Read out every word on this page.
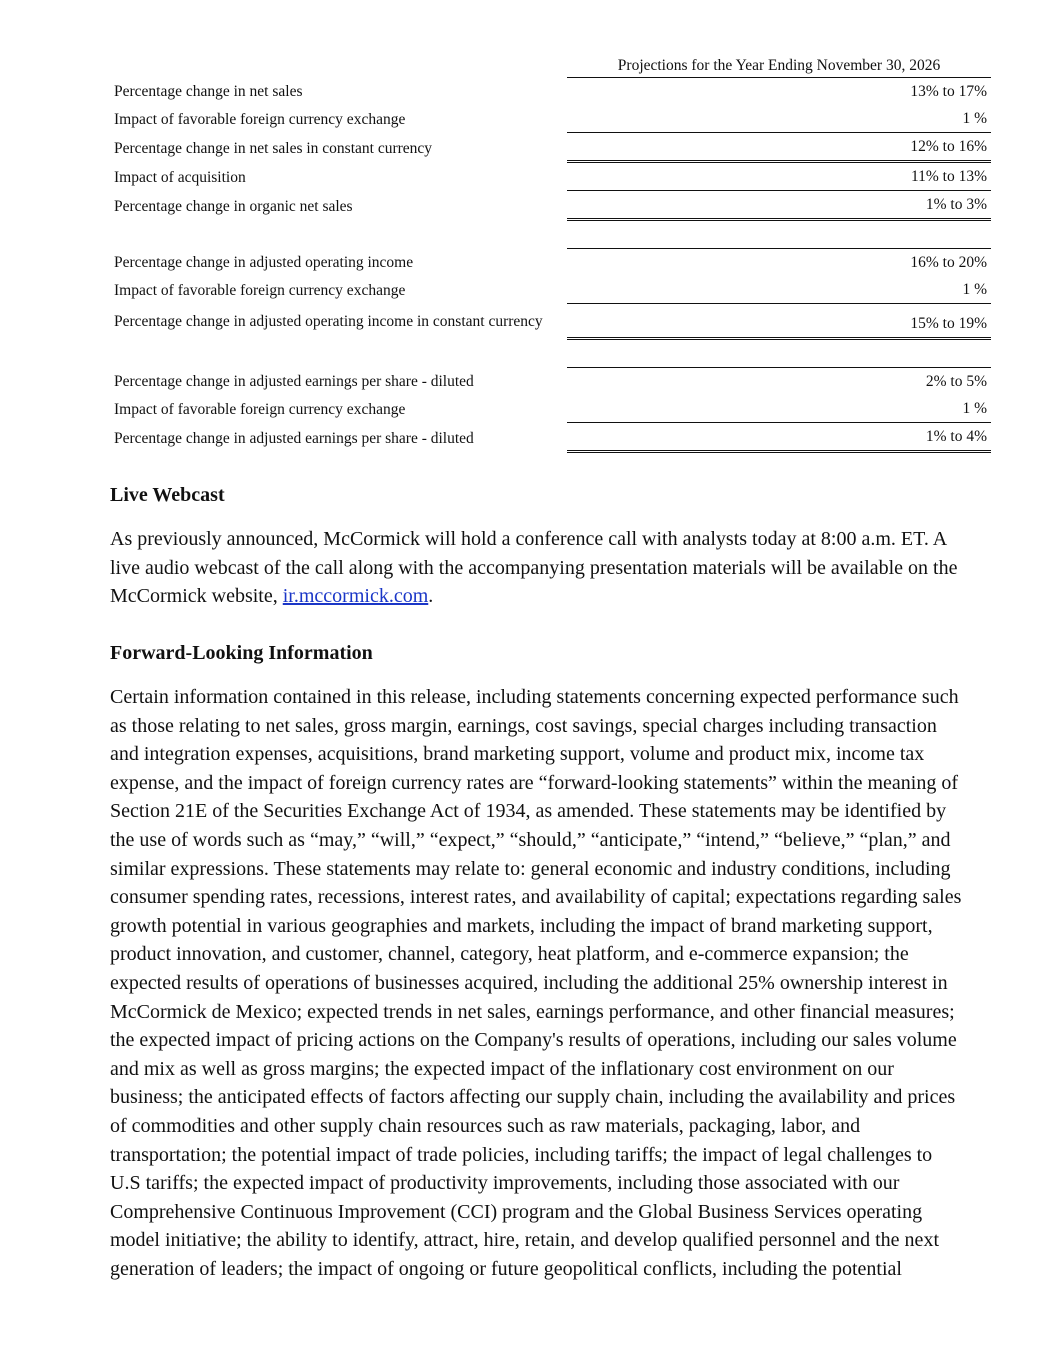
	Projections for the Year Ending November 30, 2026
Percentage change in net sales	13% to 17%
Impact of favorable foreign currency exchange	1 %
Percentage change in net sales in constant currency	12% to 16%
Impact of acquisition	11% to 13%
Percentage change in organic net sales	1% to 3%

Percentage change in adjusted operating income	16% to 20%
Impact of favorable foreign currency exchange	1 %
Percentage change in adjusted operating income in constant currency	15% to 19%

Percentage change in adjusted earnings per share - diluted	2% to 5%
Impact of favorable foreign currency exchange	1 %
Percentage change in adjusted earnings per share - diluted	1% to 4%
Live Webcast

As previously announced, McCormick will hold a conference call with analysts today at 8:00 a.m. ET. A live audio webcast of the call along with the accompanying presentation materials will be available on the McCormick website, ir.mccormick.com.

Forward-Looking Information

Certain information contained in this release, including statements concerning expected performance such as those relating to net sales, gross margin, earnings, cost savings, special charges including transaction and integration expenses, acquisitions, brand marketing support, volume and product mix, income tax expense, and the impact of foreign currency rates are “forward-looking statements” within the meaning of Section 21E of the Securities Exchange Act of 1934, as amended. These statements may be identified by the use of words such as “may,” “will,” “expect,” “should,” “anticipate,” “intend,” “believe,” “plan,” and similar expressions. These statements may relate to: general economic and industry conditions, including consumer spending rates, recessions, interest rates, and availability of capital; expectations regarding sales growth potential in various geographies and markets, including the impact of brand marketing support, product innovation, and customer, channel, category, heat platform, and e-commerce expansion; the expected results of operations of businesses acquired, including the additional 25% ownership interest in McCormick de Mexico; expected trends in net sales, earnings performance, and other financial measures; the expected impact of pricing actions on the Company's results of operations, including our sales volume and mix as well as gross margins; the expected impact of the inflationary cost environment on our business; the anticipated effects of factors affecting our supply chain, including the availability and prices of commodities and other supply chain resources such as raw materials, packaging, labor, and transportation; the potential impact of trade policies, including tariffs; the impact of legal challenges to U.S tariffs; the expected impact of productivity improvements, including those associated with our Comprehensive Continuous Improvement (CCI) program and the Global Business Services operating model initiative; the ability to identify, attract, hire, retain, and develop qualified personnel and the next generation of leaders; the impact of ongoing or future geopolitical conflicts, including the potential
